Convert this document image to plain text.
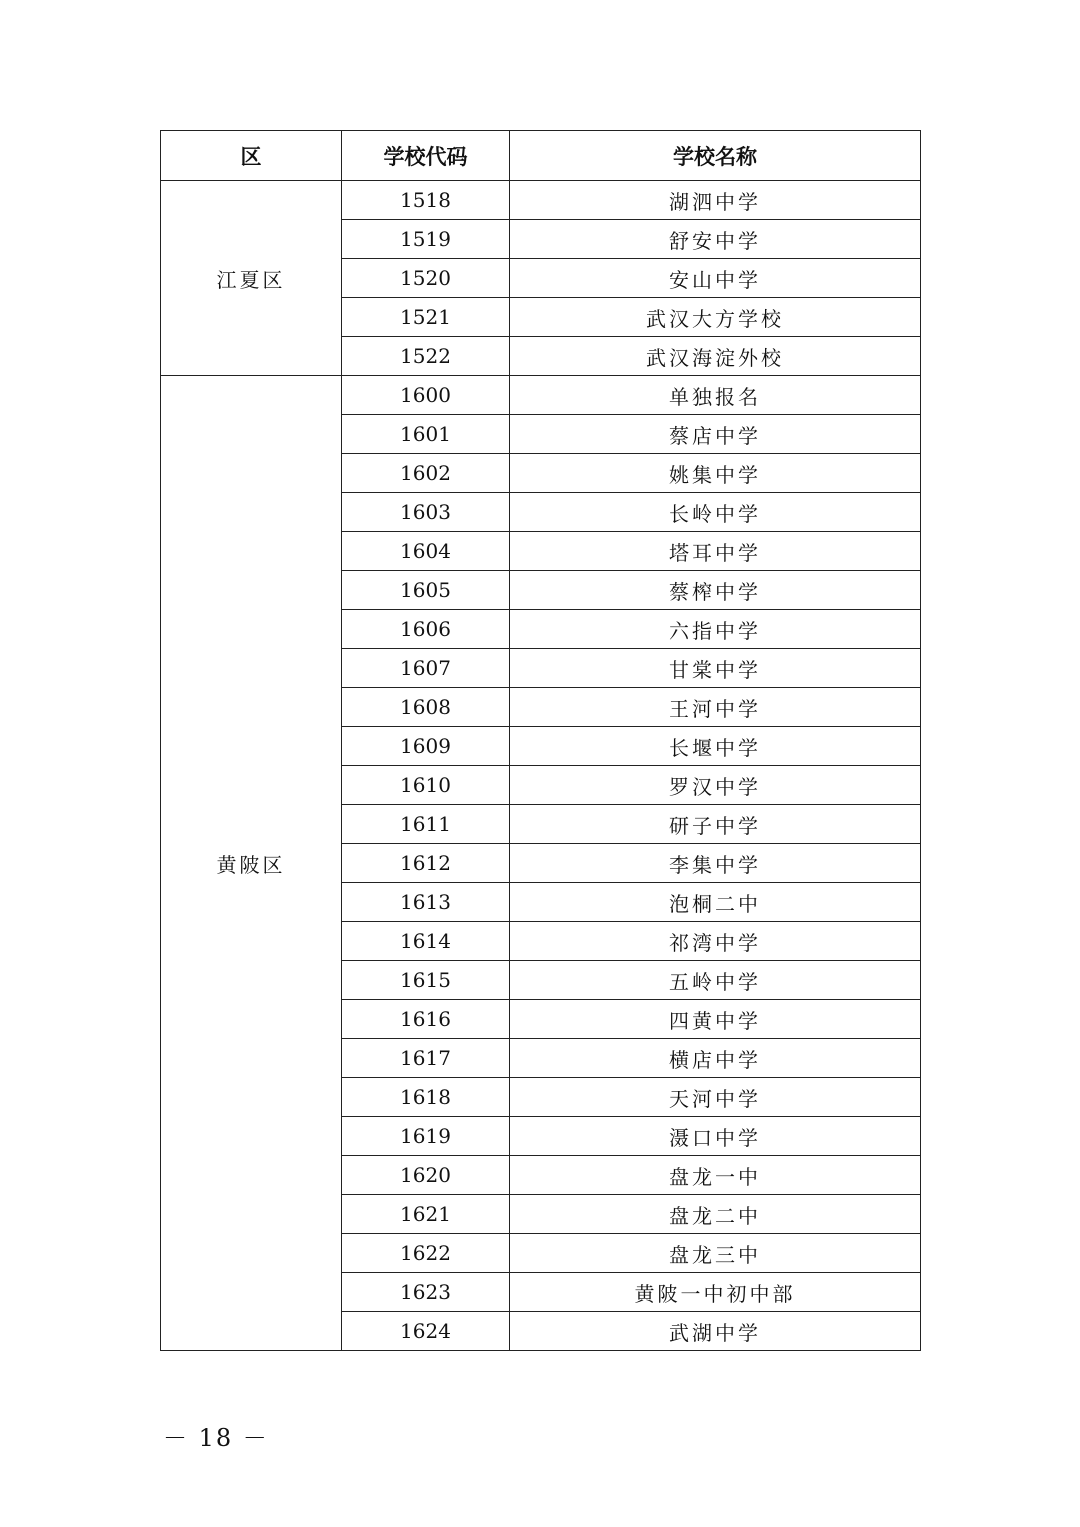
区	学校代码	学校名称
江夏区	1518	湖泗中学
	1519	舒安中学
	1520	安山中学
	1521	武汉大方学校
	1522	武汉海淀外校
黄陂区	1600	单独报名
	1601	蔡店中学
	1602	姚集中学
	1603	长岭中学
	1604	塔耳中学
	1605	蔡榨中学
	1606	六指中学
	1607	甘棠中学
	1608	王河中学
	1609	长堰中学
	1610	罗汉中学
	1611	研子中学
	1612	李集中学
	1613	泡桐二中
	1614	祁湾中学
	1615	五岭中学
	1616	四黄中学
	1617	横店中学
	1618	天河中学
	1619	滠口中学
	1620	盘龙一中
	1621	盘龙二中
	1622	盘龙三中
	1623	黄陂一中初中部
	1624	武湖中学
－ 18 －
